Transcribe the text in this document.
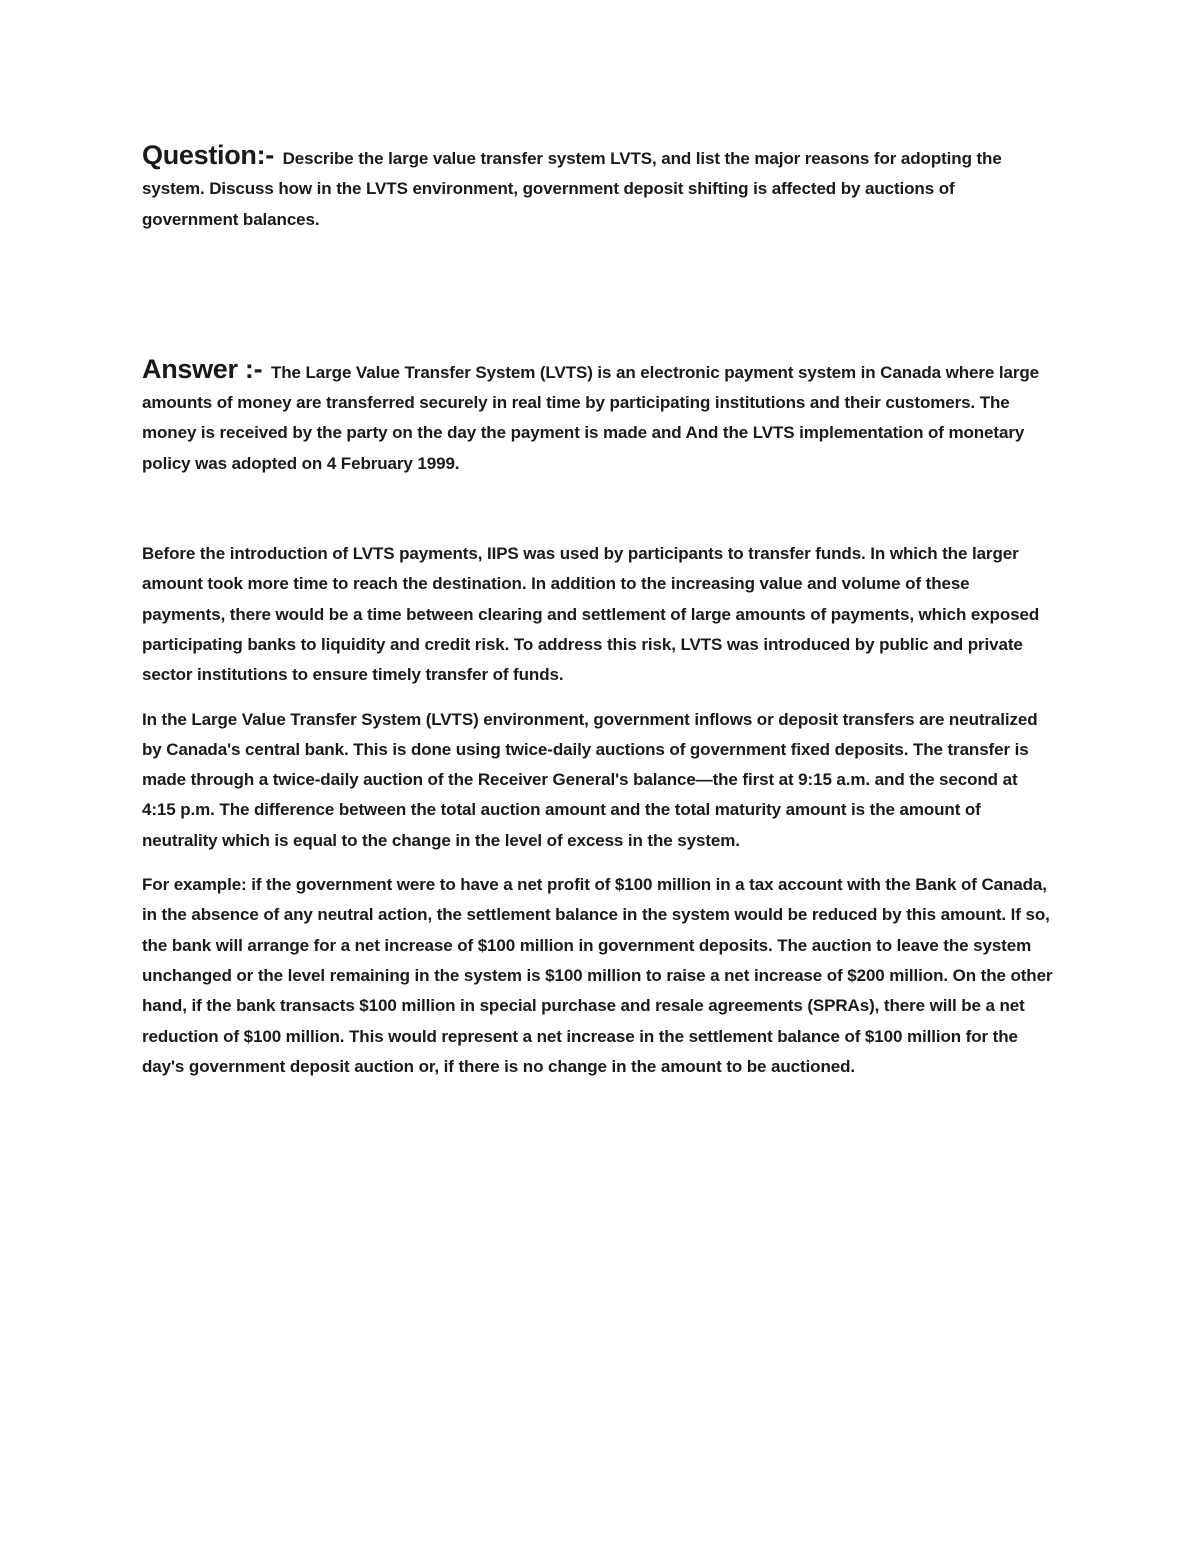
Question:- Describe the large value transfer system LVTS, and list the major reasons for adopting the system. Discuss how in the LVTS environment, government deposit shifting is affected by auctions of government balances.

Answer :- The Large Value Transfer System (LVTS) is an electronic payment system in Canada where large amounts of money are transferred securely in real time by participating institutions and their customers. The money is received by the party on the day the payment is made and And the LVTS implementation of monetary policy was adopted on 4 February 1999.

Before the introduction of LVTS payments, IIPS was used by participants to transfer funds. In which the larger amount took more time to reach the destination. In addition to the increasing value and volume of these payments, there would be a time between clearing and settlement of large amounts of payments, which exposed participating banks to liquidity and credit risk. To address this risk, LVTS was introduced by public and private sector institutions to ensure timely transfer of funds.

In the Large Value Transfer System (LVTS) environment, government inflows or deposit transfers are neutralized by Canada's central bank. This is done using twice-daily auctions of government fixed deposits. The transfer is made through a twice-daily auction of the Receiver General's balance—the first at 9:15 a.m. and the second at 4:15 p.m. The difference between the total auction amount and the total maturity amount is the amount of neutrality which is equal to the change in the level of excess in the system.

For example: if the government were to have a net profit of $100 million in a tax account with the Bank of Canada, in the absence of any neutral action, the settlement balance in the system would be reduced by this amount. If so, the bank will arrange for a net increase of $100 million in government deposits. The auction to leave the system unchanged or the level remaining in the system is $100 million to raise a net increase of $200 million. On the other hand, if the bank transacts $100 million in special purchase and resale agreements (SPRAs), there will be a net reduction of $100 million. This would represent a net increase in the settlement balance of $100 million for the day's government deposit auction or, if there is no change in the amount to be auctioned.
